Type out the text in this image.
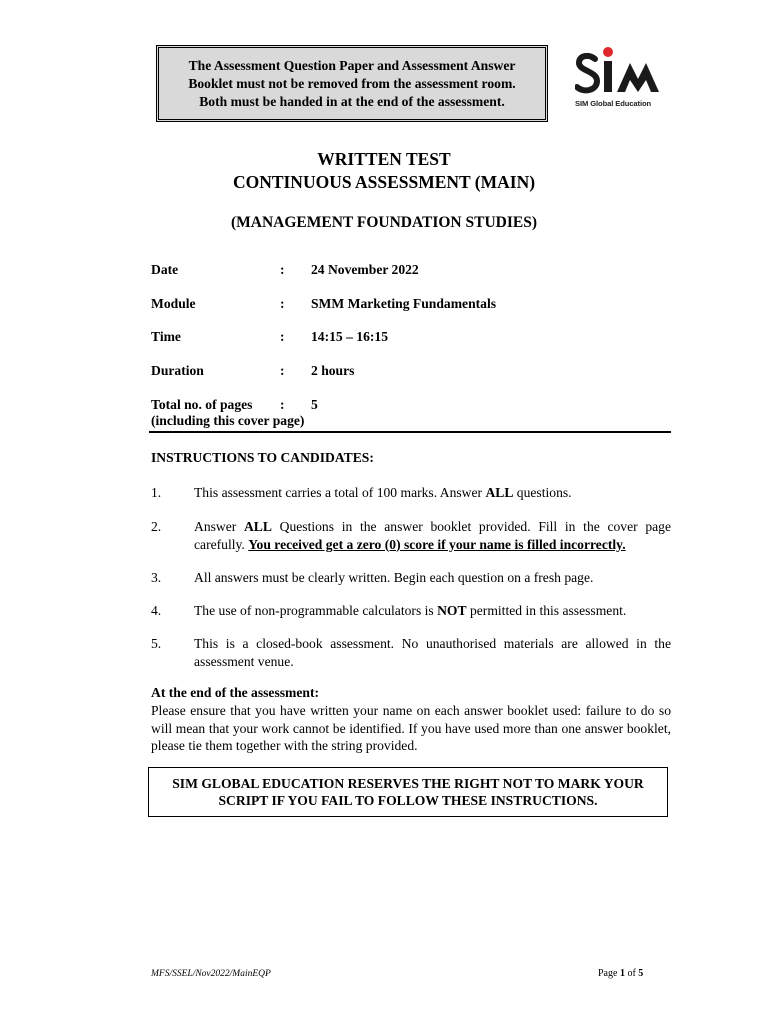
The Assessment Question Paper and Assessment Answer
Booklet must not be removed from the assessment room.
Both must be handed in at the end of the assessment.	SIM Global Education
WRITTEN TEST
CONTINUOUS ASSESSMENT (MAIN)
(MANAGEMENT FOUNDATION STUDIES)
Date	: 24 November 2022
Module	: SMM Marketing Fundamentals
Time	: 14:15 – 16:15
Duration	: 2 hours
Total no. of pages : 5
(including this cover page)
INSTRUCTIONS TO CANDIDATES:
1. This assessment carries a total of 100 marks. Answer ALL questions.
2. Answer ALL Questions in the answer booklet provided. Fill in the cover page carefully. You received get a zero (0) score if your name is filled incorrectly.
3. All answers must be clearly written. Begin each question on a fresh page.
4. The use of non-programmable calculators is NOT permitted in this assessment.
5. This is a closed-book assessment. No unauthorised materials are allowed in the assessment venue.
At the end of the assessment:
Please ensure that you have written your name on each answer booklet used: failure to do so will mean that your work cannot be identified. If you have used more than one answer booklet, please tie them together with the string provided.
SIM GLOBAL EDUCATION RESERVES THE RIGHT NOT TO MARK YOUR
SCRIPT IF YOU FAIL TO FOLLOW THESE INSTRUCTIONS.
MFS/SSEL/Nov2022/MainEQP	Page 1 of 5
